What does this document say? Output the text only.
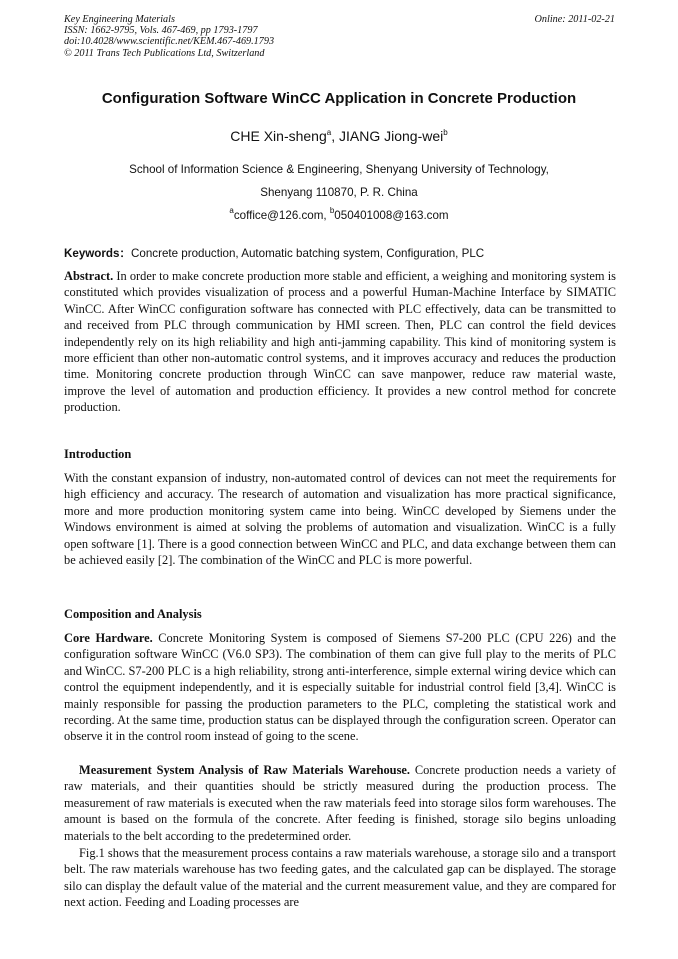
Key Engineering Materials
ISSN: 1662-9795, Vols. 467-469, pp 1793-1797
doi:10.4028/www.scientific.net/KEM.467-469.1793
© 2011 Trans Tech Publications Ltd, Switzerland
Online: 2011-02-21
Configuration Software WinCC Application in Concrete Production
CHE Xin-sheng$^a$, JIANG Jiong-wei$^b$
School of Information Science & Engineering, Shenyang University of Technology,
Shenyang 110870, P. R. China
$^a$coffice@126.com, $^b$050401008@163.com
Keywords：Concrete production, Automatic batching system, Configuration, PLC

Abstract. In order to make concrete production more stable and efficient, a weighing and monitoring system is constituted which provides visualization of process and a powerful Human-Machine Interface by SIMATIC WinCC. After WinCC configuration software has connected with PLC effectively, data can be transmitted to and received from PLC through communication by HMI screen. Then, PLC can control the field devices independently rely on its high reliability and high anti-jamming capability. This kind of monitoring system is more efficient than other non-automatic control systems, and it improves accuracy and reduces the production time. Monitoring concrete production through WinCC can save manpower, reduce raw material waste, improve the level of automation and production efficiency. It provides a new control method for concrete production.

Introduction

With the constant expansion of industry, non-automated control of devices can not meet the requirements for high efficiency and accuracy. The research of automation and visualization has more practical significance, more and more production monitoring system came into being. WinCC developed by Siemens under the Windows environment is aimed at solving the problems of automation and visualization. WinCC is a fully open software [1]. There is a good connection between WinCC and PLC, and data exchange between them can be achieved easily [2]. The combination of the WinCC and PLC is more powerful.

Composition and Analysis

Core Hardware. Concrete Monitoring System is composed of Siemens S7-200 PLC (CPU 226) and the configuration software WinCC (V6.0 SP3). The combination of them can give full play to the merits of PLC and WinCC. S7-200 PLC is a high reliability, strong anti-interference, simple external wiring device which can control the equipment independently, and it is especially suitable for industrial control field [3,4]. WinCC is mainly responsible for passing the production parameters to the PLC, completing the statistical work and recording. At the same time, production status can be displayed through the configuration screen. Operator can observe it in the control room instead of going to the scene.

Measurement System Analysis of Raw Materials Warehouse. Concrete production needs a variety of raw materials, and their quantities should be strictly measured during the production process. The measurement of raw materials is executed when the raw materials feed into storage silos form warehouses. The amount is based on the formula of the concrete. After feeding is finished, storage silo begins unloading materials to the belt according to the predetermined order.

Fig.1 shows that the measurement process contains a raw materials warehouse, a storage silo and a transport belt. The raw materials warehouse has two feeding gates, and the calculated gap can be displayed. The storage silo can display the default value of the material and the current measurement value, and they are compared for next action. Feeding and Loading processes are
